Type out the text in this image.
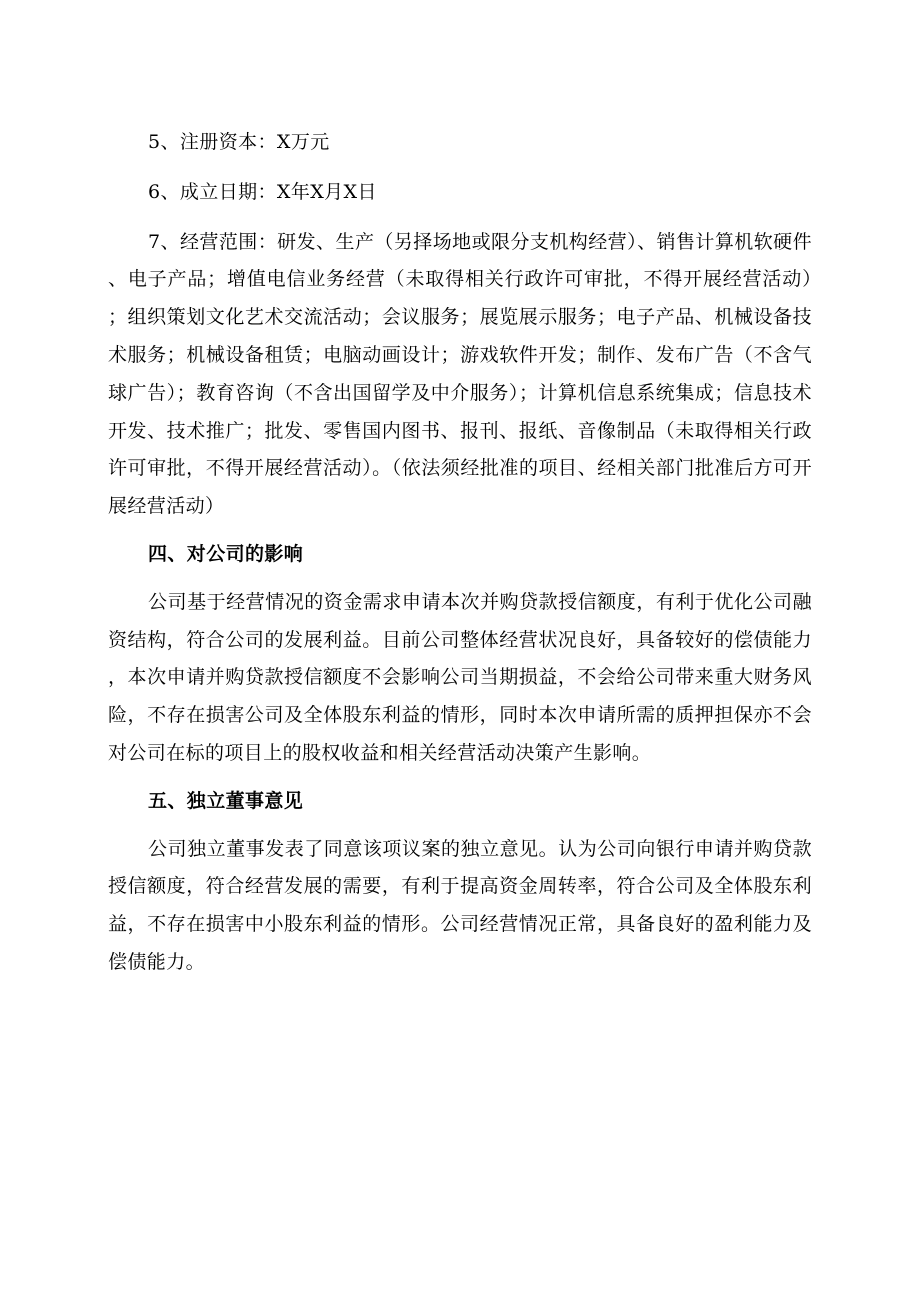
5、注册资本：X万元

6、成立日期：X年X月X日

7、经营范围：研发、生产（另择场地或限分支机构经营）、销售计算机软硬件、电子产品；增值电信业务经营（未取得相关行政许可审批，不得开展经营活动）；组织策划文化艺术交流活动；会议服务；展览展示服务；电子产品、机械设备技术服务；机械设备租赁；电脑动画设计；游戏软件开发；制作、发布广告（不含气球广告）；教育咨询（不含出国留学及中介服务）；计算机信息系统集成；信息技术开发、技术推广；批发、零售国内图书、报刊、报纸、音像制品（未取得相关行政许可审批，不得开展经营活动）。（依法须经批准的项目、经相关部门批准后方可开展经营活动）

四、对公司的影响

公司基于经营情况的资金需求申请本次并购贷款授信额度，有利于优化公司融资结构，符合公司的发展利益。目前公司整体经营状况良好，具备较好的偿债能力，本次申请并购贷款授信额度不会影响公司当期损益，不会给公司带来重大财务风险，不存在损害公司及全体股东利益的情形，同时本次申请所需的质押担保亦不会对公司在标的项目上的股权收益和相关经营活动决策产生影响。

五、独立董事意见

公司独立董事发表了同意该项议案的独立意见。认为公司向银行申请并购贷款授信额度，符合经营发展的需要，有利于提高资金周转率，符合公司及全体股东利益，不存在损害中小股东利益的情形。公司经营情况正常，具备良好的盈利能力及偿债能力。
